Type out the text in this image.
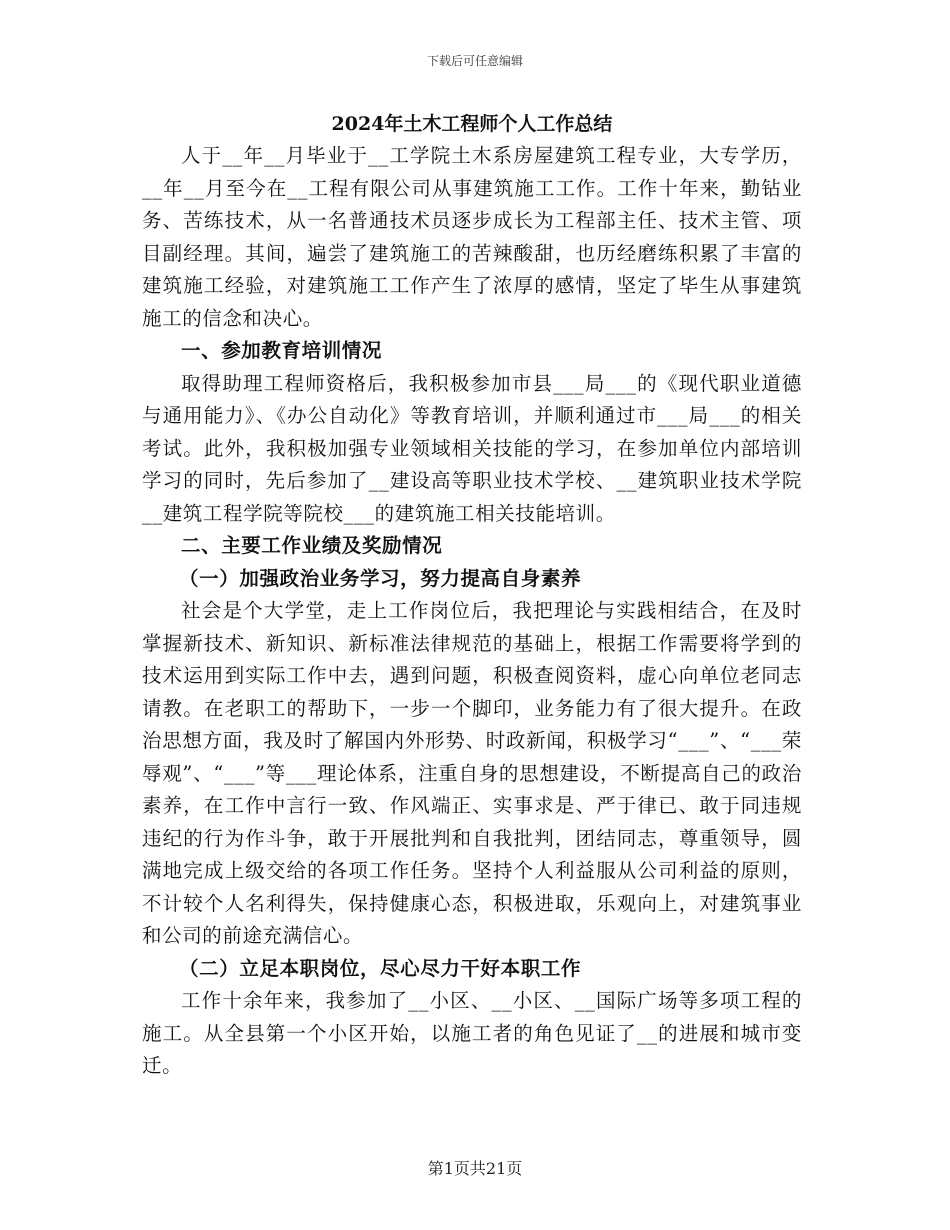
下载后可任意编辑

2024年土木工程师个人工作总结

人于__年__月毕业于__工学院土木系房屋建筑工程专业，大专学历，__年__月至今在__工程有限公司从事建筑施工工作。工作十年来，勤钻业务、苦练技术，从一名普通技术员逐步成长为工程部主任、技术主管、项目副经理。其间，遍尝了建筑施工的苦辣酸甜，也历经磨练积累了丰富的建筑施工经验，对建筑施工工作产生了浓厚的感情，坚定了毕生从事建筑施工的信念和决心。

一、参加教育培训情况

取得助理工程师资格后，我积极参加市县___局___的《现代职业道德与通用能力》、《办公自动化》等教育培训，并顺利通过市___局___的相关考试。此外，我积极加强专业领域相关技能的学习，在参加单位内部培训学习的同时，先后参加了__建设高等职业技术学校、__建筑职业技术学院__建筑工程学院等院校___的建筑施工相关技能培训。

二、主要工作业绩及奖励情况

（一）加强政治业务学习，努力提高自身素养

社会是个大学堂，走上工作岗位后，我把理论与实践相结合，在及时掌握新技术、新知识、新标准法律规范的基础上，根据工作需要将学到的技术运用到实际工作中去，遇到问题，积极查阅资料，虚心向单位老同志请教。在老职工的帮助下，一步一个脚印，业务能力有了很大提升。在政治思想方面，我及时了解国内外形势、时政新闻，积极学习“___”、“___荣辱观”、“___”等___理论体系，注重自身的思想建设，不断提高自己的政治素养，在工作中言行一致、作风端正、实事求是、严于律已、敢于同违规违纪的行为作斗争，敢于开展批判和自我批判，团结同志，尊重领导，圆满地完成上级交给的各项工作任务。坚持个人利益服从公司利益的原则，不计较个人名利得失，保持健康心态，积极进取，乐观向上，对建筑事业和公司的前途充满信心。

（二）立足本职岗位，尽心尽力干好本职工作

工作十余年来，我参加了__小区、__小区、__国际广场等多项工程的施工。从全县第一个小区开始，以施工者的角色见证了__的进展和城市变迁。

第1页共21页
